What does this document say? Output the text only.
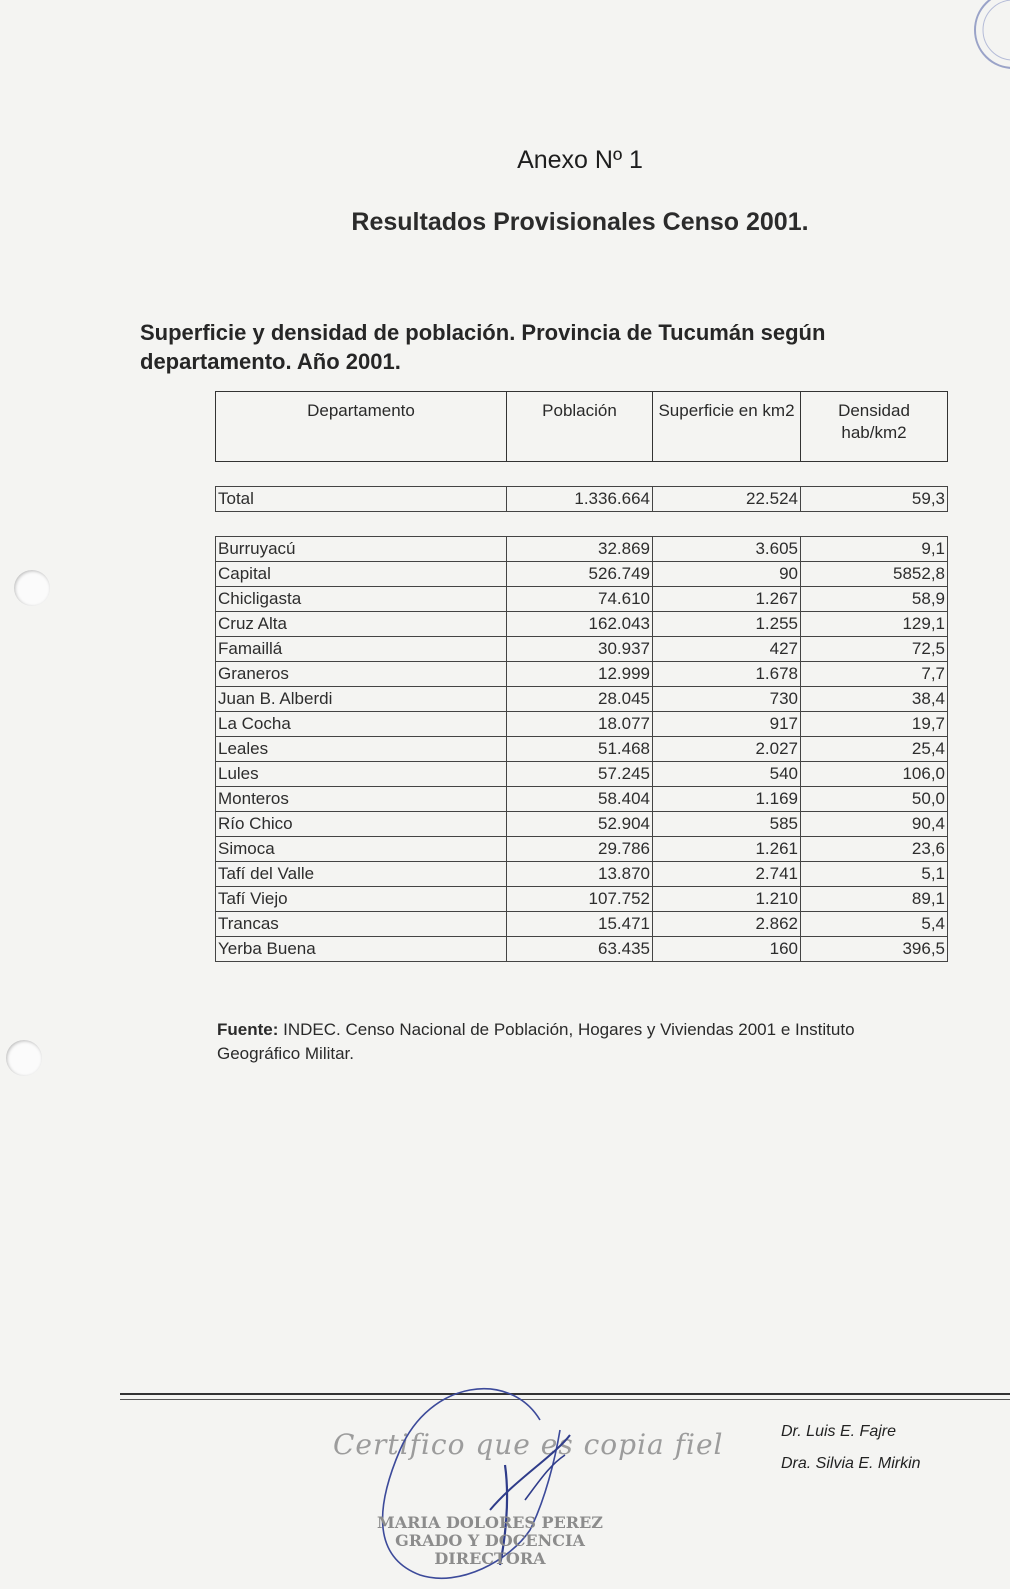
Anexo Nº 1
Resultados Provisionales Censo 2001.

Superficie y densidad de población. Provincia de Tucumán según departamento. Año 2001.

Departamento	Población	Superficie en km2	Densidad hab/km2

Total	1.336.664	22.524	59,3

Burruyacú	32.869	3.605	9,1
Capital	526.749	90	5852,8
Chicligasta	74.610	1.267	58,9
Cruz Alta	162.043	1.255	129,1
Famaillá	30.937	427	72,5
Graneros	12.999	1.678	7,7
Juan B. Alberdi	28.045	730	38,4
La Cocha	18.077	917	19,7
Leales	51.468	2.027	25,4
Lules	57.245	540	106,0
Monteros	58.404	1.169	50,0
Río Chico	52.904	585	90,4
Simoca	29.786	1.261	23,6
Tafí del Valle	13.870	2.741	5,1
Tafí Viejo	107.752	1.210	89,1
Trancas	15.471	2.862	5,4
Yerba Buena	63.435	160	396,5

Fuente: INDEC. Censo Nacional de Población, Hogares y Viviendas 2001 e Instituto Geográfico Militar.

Certifico que es copia fiel
MARIA DOLORES PEREZ
GRADO Y DOCENCIA
DIRECTORA
Dr. Luis E. Fajre
Dra. Silvia E. Mirkin
